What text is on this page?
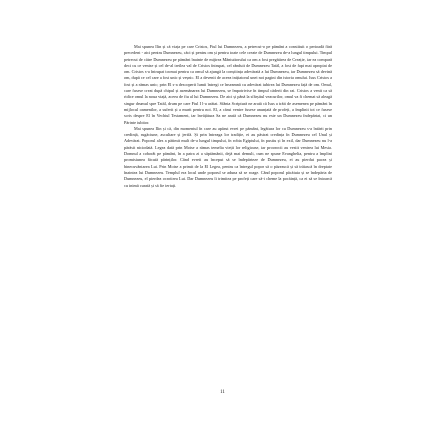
Mai spunea Ilin și că viața pe care Cristos, Fiul lui Dumnezeu, a petrecut-o pe pământ a constituit o perioadă fără precedent - aici pentru Dumnezeu, căci și pentru om și pentru toate cele create de Dumnezeu de-a lungul timpului. Timpul petrecut de către Dumnezeu pe pământ înainte de mijirea Mântuitorului ca om a fost pregătirea de Creație, iar ea compară deci cu ce venise și cel de-al treilea val de Cristos întrupat, cel rânduit de Dumnezeu Tatăl, a fost de fapt mai apropiat de om. Cristos s-a întrupat tocmai pentru ca omul să ajungă la conștiința adevărată a lui Dumnezeu, iar Dumnezeu să devină om, după ce cel care a fost unic și veșnic. El a devenit de aceea inițiatorul unei noi pagini din istoria omului. Isus Cristos a fost și a rămas unic; prin El s-a descoperit lumii întregi ce înseamnă cu adevărat iubirea lui Dumnezeu față de om. Omul, care fusese creat după chipul și asemănarea lui Dumnezeu, se împotrivise în timpul căderii din rai. Cristos a venit ca să ridice omul la noua viață, aceea de fiu al lui Dumnezeu. De aici și până la sfârșitul veacurilor, omul va fi chemat să aleagă singur drumul spre Tatăl, drum pe care Fiul I l-a arătat. Sfânta Scriptură ne arată că Isus a trăit de asemenea pe pământ în mijlocul oamenilor, a suferit și a murit pentru noi. El, a cărui venire fusese anunțată de profeți, a împlinit tot ce fusese scris despre El în Vechiul Testament, iar învățătura Sa ne arată că Dumnezeu nu este un Dumnezeu îndepărtat, ci un Părinte iubitor.

Mai spunea Ilin și că, din momentul în care au apărut evrei pe pământ, legătura lor cu Dumnezeu s-a întărit prin credință, rugăciune, ascultare și jertfă. Și prin întreaga lor tradiție, ei au păstrat credința în Dumnezeu cel Unul și Adevărat. Poporul ales a pătimit mult de-a lungul timpului, în robia Egiptului, în pustiu și în exil, dar Dumnezeu nu l-a părăsit niciodată. Legea dată prin Moise a rămas temelia vieții lor religioase, iar proorocii au vestit venirea lui Mesia. Domnul a coborât pe pământ, în a patra zi a săptămânii, dejă mai demult, cum ne spune Evanghelia, pentru a împlini promisiunea făcută părinților. Când evreii au început să se îndepărteze de Dumnezeu, ei au pierdut pacea și binecuvântarea Lui. Prin Moise a primit de la El Legea, pentru ca întregul popor să o păzească și să trăiască în dreptate înaintea lui Dumnezeu. Templul era locul unde poporul se aduna să se roage. Când poporul păcătuia și se îndepărta de Dumnezeu, el pierdea ocrotirea Lui. Dar Dumnezeu îi trimitea pe profeți care să-i cheme la pocăință, ca ei să se întoarcă cu inimă curată și să fie iertați.

11
